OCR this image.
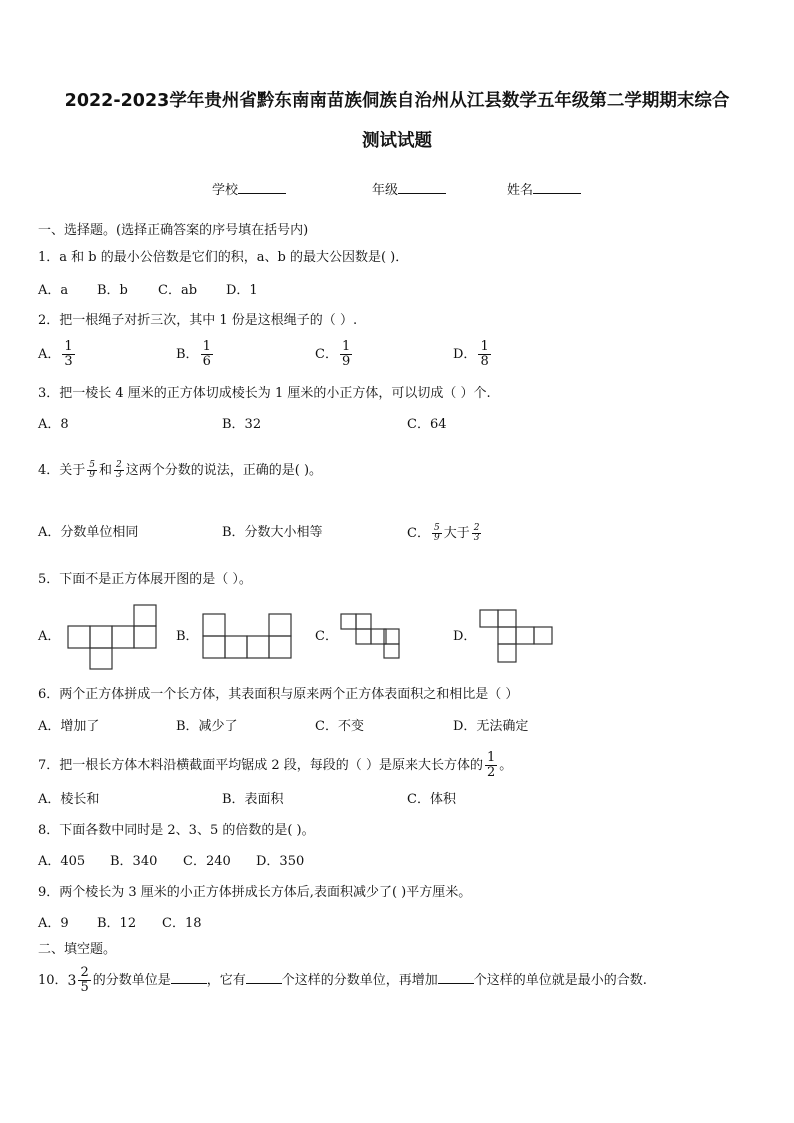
2022-2023学年贵州省黔东南南苗族侗族自治州从江县数学五年级第二学期期末综合
测试试题
学校	年级	姓名
一、选择题。(选择正确答案的序号填在括号内)
1．a 和 b 的最小公倍数是它们的积，a、b 的最大公因数是( )．
A．a B．b C．ab D．1
2．把一根绳子对折三次，其中 1 份是这根绳子的（ ）.
A． $\frac{1}{3}$	B． $\frac{1}{6}$	C． $\frac{1}{9}$	D． $\frac{1}{8}$
3．把一棱长 4 厘米的正方体切成棱长为 1 厘米的小正方体，可以切成（ ）个.
A．8	B．32	C．64
4．关于 $\frac{5}{9}$ 和 $\frac{2}{3}$ 这两个分数的说法，正确的是( )。
A．分数单位相同	B．分数大小相等	C． $\frac{5}{9}$ 大于 $\frac{2}{3}$
5．下面不是正方体展开图的是（ ）。
A．	B．	C．	D．
6．两个正方体拼成一个长方体，其表面积与原来两个正方体表面积之和相比是（ ）
A．增加了	B．减少了	C．不变	D．无法确定
7．把一根长方体木料沿横截面平均锯成 2 段，每段的（ ）是原来大长方体的 $\frac{1}{2}$ 。
A．棱长和	B．表面积	C．体积
8．下面各数中同时是 2、3、5 的倍数的是( )。
A．405 B．340 C．240 D．350
9．两个棱长为 3 厘米的小正方体拼成长方体后,表面积减少了( )平方厘米。
A．9 B．12 C．18
二、填空题。
10．$3 \frac{2}{5}$ 的分数单位是	，它有	个这样的分数单位，再增加	个这样的单位就是最小的合数.
